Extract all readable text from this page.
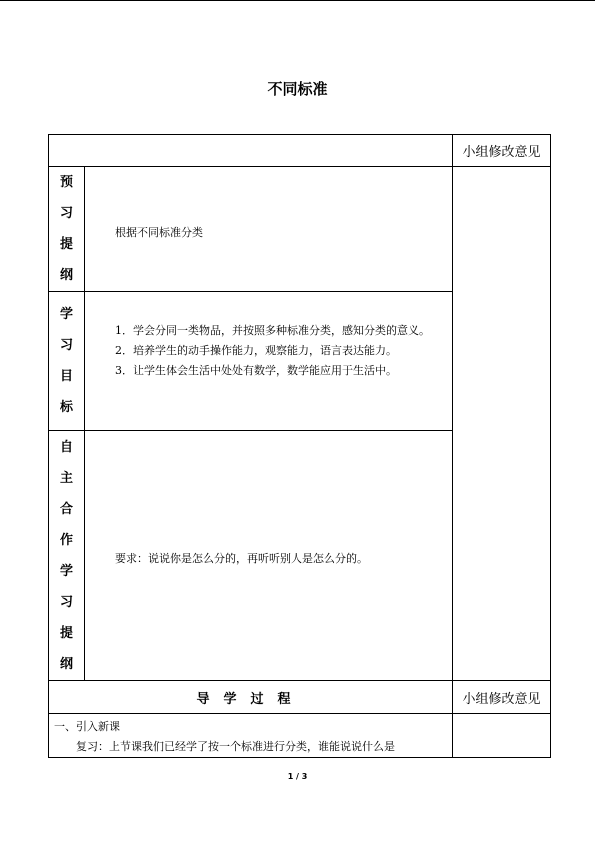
不同标准
小组修改意见
预
习
提
纲
根据不同标准分类
学
习
目
标
1．学会分同一类物品，并按照多种标准分类，感知分类的意义。
2．培养学生的动手操作能力，观察能力，语言表达能力。
3．让学生体会生活中处处有数学，数学能应用于生活中。
自
主
合
作
学
习
提
纲
要求：说说你是怎么分的，再听听别人是怎么分的。
导学过程	小组修改意见
一、引入新课
复习：上节课我们已经学了按一个标准进行分类，谁能说说什么是
1 / 3
